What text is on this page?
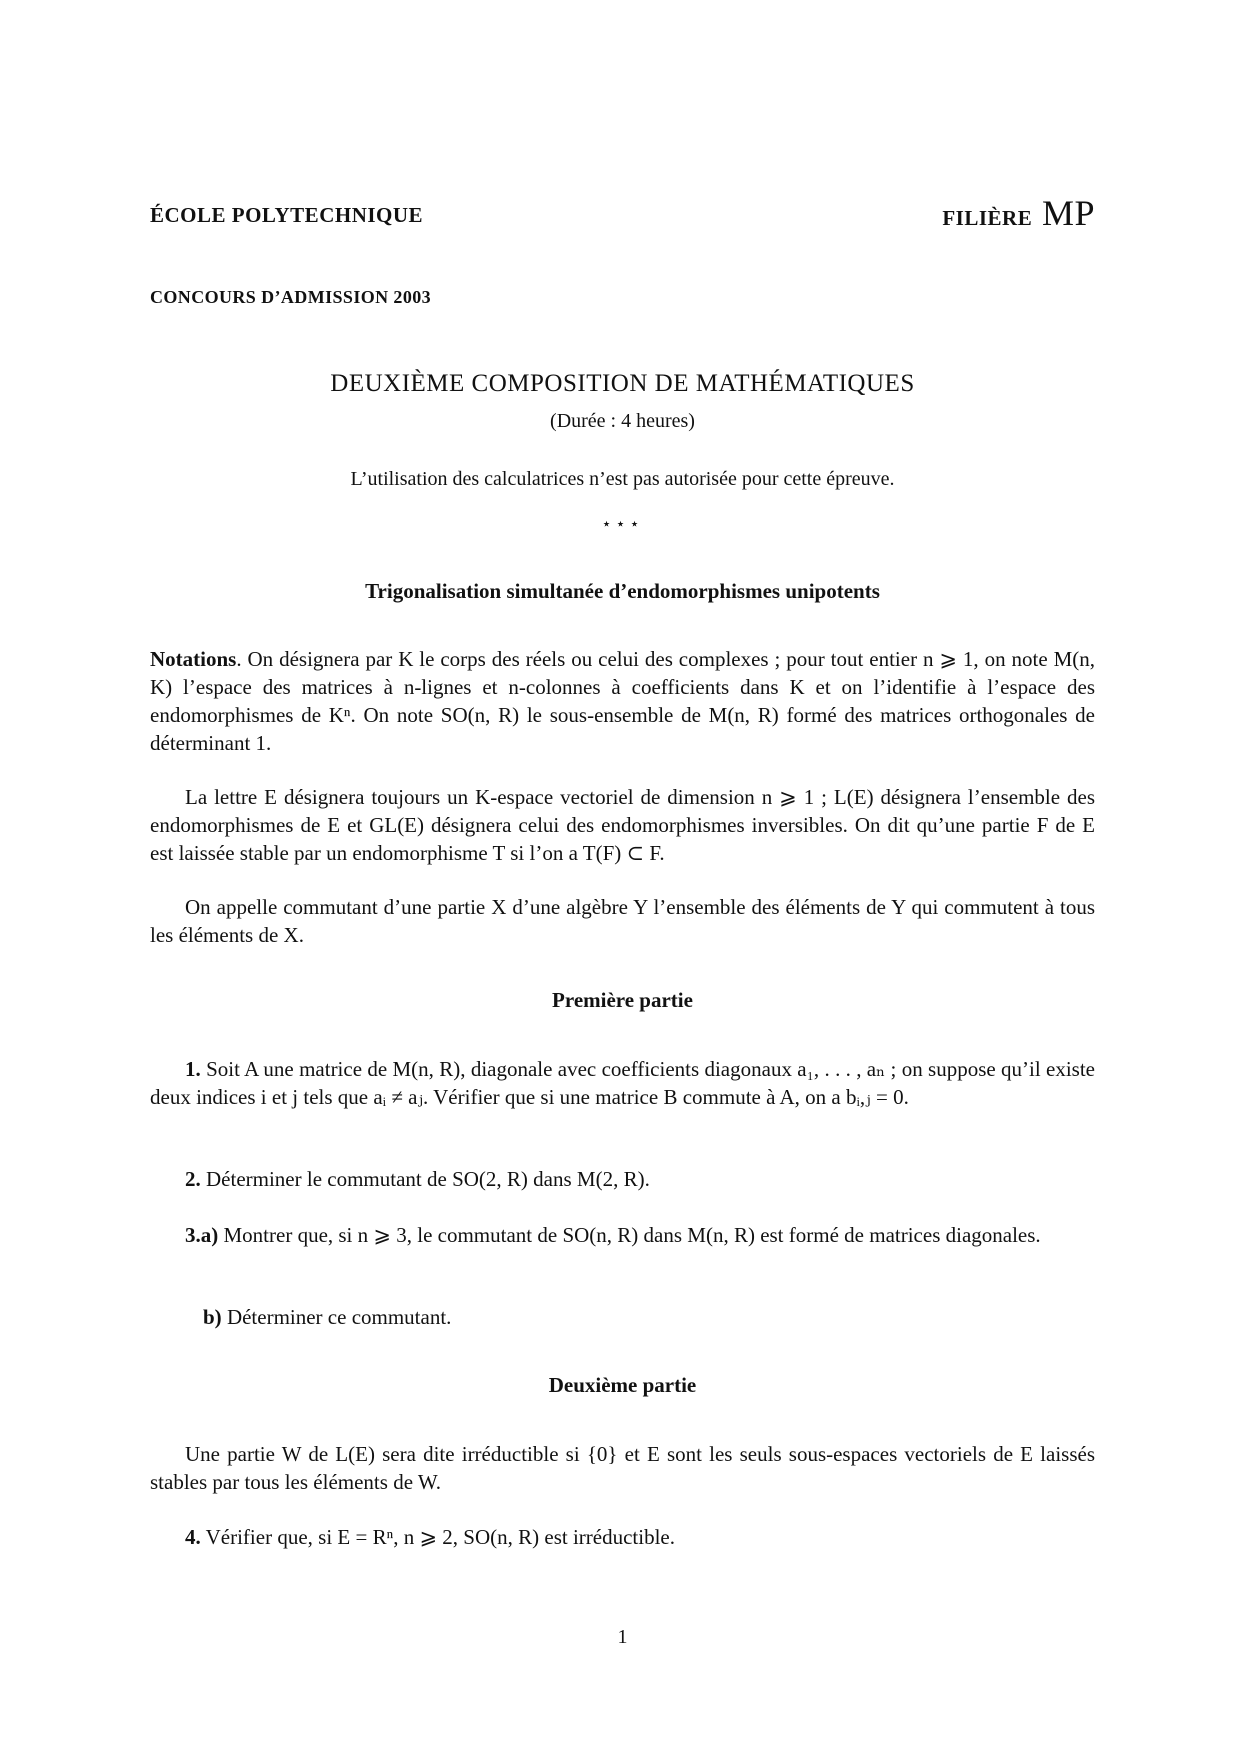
ÉCOLE POLYTECHNIQUE	FILIÈRE MP
CONCOURS D’ADMISSION 2003
DEUXIÈME COMPOSITION DE MATHÉMATIQUES
(Durée : 4 heures)
L’utilisation des calculatrices n’est pas autorisée pour cette épreuve.
⋆⋆⋆
Trigonalisation simultanée d’endomorphismes unipotents
Notations. On désignera par K le corps des réels ou celui des complexes ; pour tout entier n ⩾ 1, on note M(n, K) l’espace des matrices à n-lignes et n-colonnes à coefficients dans K et on l’identifie à l’espace des endomorphismes de Kⁿ. On note SO(n, R) le sous-ensemble de M(n, R) formé des matrices orthogonales de déterminant 1.
La lettre E désignera toujours un K-espace vectoriel de dimension n ⩾ 1 ; L(E) désignera l’ensemble des endomorphismes de E et GL(E) désignera celui des endomorphismes inversibles. On dit qu’une partie F de E est laissée stable par un endomorphisme T si l’on a T(F) ⊂ F.
On appelle commutant d’une partie X d’une algèbre Y l’ensemble des éléments de Y qui commutent à tous les éléments de X.
Première partie
1. Soit A une matrice de M(n, R), diagonale avec coefficients diagonaux a₁, . . . , aₙ ; on suppose qu’il existe deux indices i et j tels que aᵢ ≠ aⱼ. Vérifier que si une matrice B commute à A, on a bᵢ,ⱼ = 0.
2. Déterminer le commutant de SO(2, R) dans M(2, R).
3.a) Montrer que, si n ⩾ 3, le commutant de SO(n, R) dans M(n, R) est formé de matrices diagonales.
b) Déterminer ce commutant.
Deuxième partie
Une partie W de L(E) sera dite irréductible si {0} et E sont les seuls sous-espaces vectoriels de E laissés stables par tous les éléments de W.
4. Vérifier que, si E = Rⁿ, n ⩾ 2, SO(n, R) est irréductible.
1
